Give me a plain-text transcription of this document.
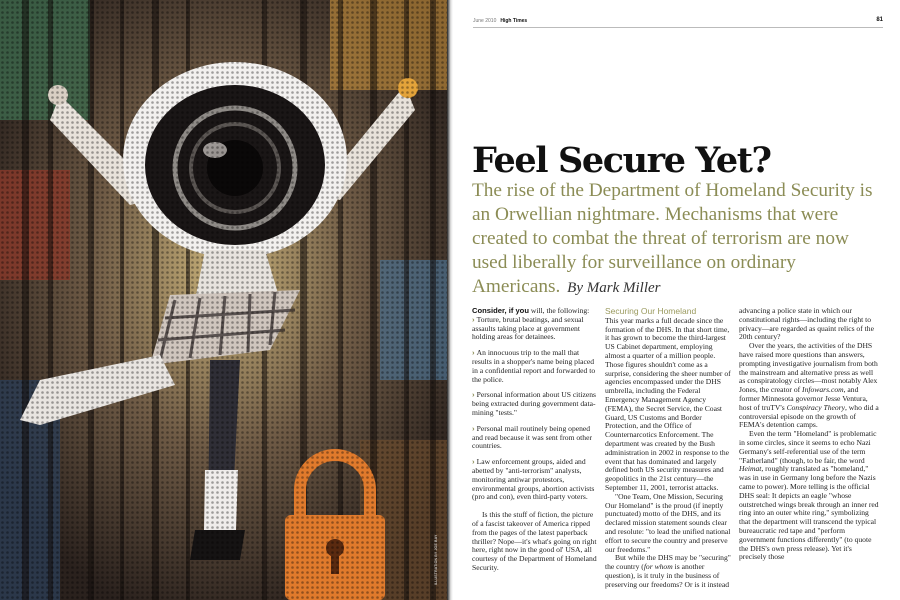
ILLUSTRATION BY JOE BAY
June 2010 High Times	81
Feel Secure Yet?

The rise of the Department of Homeland Security is an Orwellian nightmare. Mechanisms that were created to combat the threat of terrorism are now used liberally for surveillance on ordinary Americans. By Mark Miller

Consider, if you will, the following:

› Torture, brutal beatings, and sexual assaults taking place at government holding areas for detainees.

› An innocuous trip to the mall that results in a shopper's name being placed in a confidential report and forwarded to the police.

› Personal information about US citizens being extracted during government data-mining "tests."

› Personal mail routinely being opened and read because it was sent from other countries.

› Law enforcement groups, aided and abetted by "anti-terrorism" analysts, monitoring antiwar protestors, environmental groups, abortion activists (pro and con), even third-party voters.

Is this the stuff of fiction, the picture of a fascist takeover of America ripped from the pages of the latest paperback thriller? Nope—it's what's going on right here, right now in the good ol' USA, all courtesy of the Department of Homeland Security.

Securing Our Homeland

This year marks a full decade since the formation of the DHS. In that short time, it has grown to become the third-largest US Cabinet department, employing almost a quarter of a million people. Those figures shouldn't come as a surprise, considering the sheer number of agencies encompassed under the DHS umbrella, including the Federal Emergency Management Agency (FEMA), the Secret Service, the Coast Guard, US Customs and Border Protection, and the Office of Counternarcotics Enforcement. The department was created by the Bush administration in 2002 in response to the event that has dominated and largely defined both US security measures and geopolitics in the 21st century—the September 11, 2001, terrorist attacks.

"One Team, One Mission, Securing Our Homeland" is the proud (if ineptly punctuated) motto of the DHS, and its declared mission statement sounds clear and resolute: "to lead the unified national effort to secure the country and preserve our freedoms."

But while the DHS may be "securing" the country (for whom is another question), is it truly in the business of preserving our freedoms? Or is it instead

advancing a police state in which our constitutional rights—including the right to privacy—are regarded as quaint relics of the 20th century?

Over the years, the activities of the DHS have raised more questions than answers, prompting investigative journalism from both the mainstream and alternative press as well as conspiratology circles—most notably Alex Jones, the creator of Infowars.com, and former Minnesota governor Jesse Ventura, host of truTV's Conspiracy Theory, who did a controversial episode on the growth of FEMA's detention camps.

Even the term "Homeland" is problematic in some circles, since it seems to echo Nazi Germany's self-referential use of the term "Fatherland" (though, to be fair, the word Heimat, roughly translated as "homeland," was in use in Germany long before the Nazis came to power). More telling is the official DHS seal: It depicts an eagle "whose outstretched wings break through an inner red ring into an outer white ring," symbolizing that the department will transcend the typical bureaucratic red tape and "perform government functions differently" (to quote the DHS's own press release). Yet it's precisely those
